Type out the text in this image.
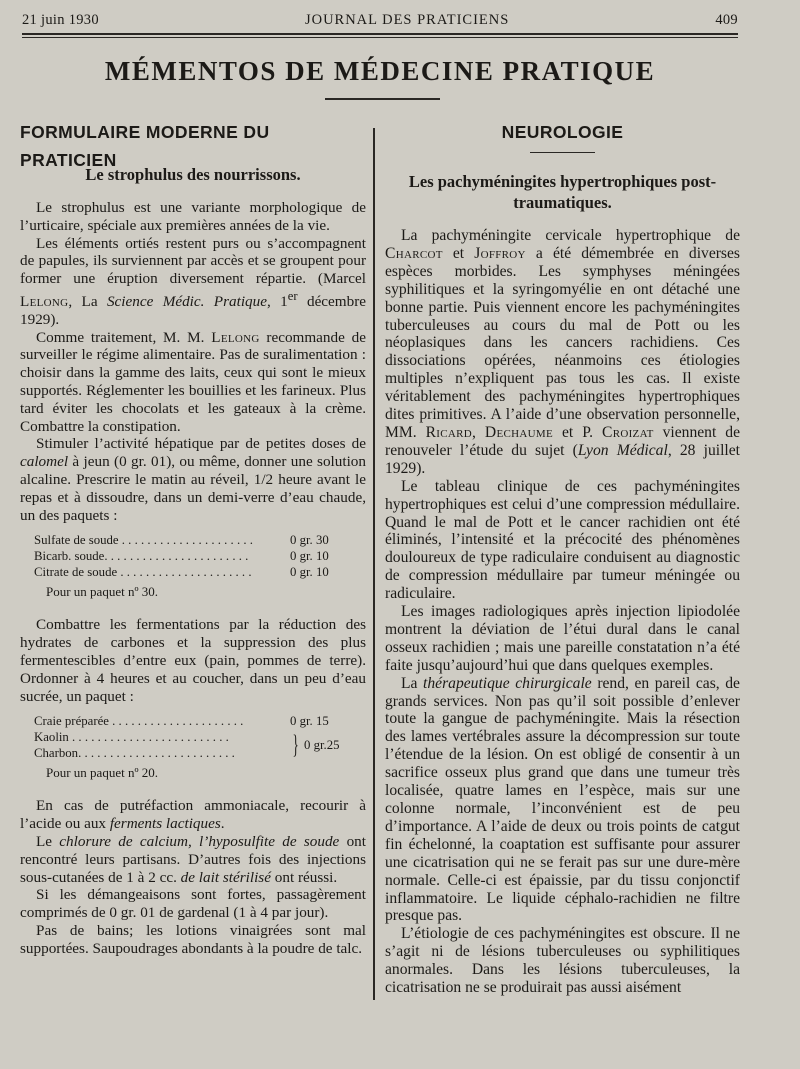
21 juin 1930	JOURNAL DES PRATICIENS	409
MÉMENTOS DE MÉDECINE PRATIQUE
FORMULAIRE MODERNE DU PRATICIEN
Le strophulus des nourrissons.

Le strophulus est une variante morphologique de l’urticaire, spéciale aux premières années de la vie.

Les éléments ortiés restent purs ou s’accompagnent de papules, ils surviennent par accès et se groupent pour former une éruption diversement répartie. (Marcel Lelong, La Science Médic. Pratique, 1er décembre 1929).

Comme traitement, M. M. Lelong recommande de surveiller le régime alimentaire. Pas de suralimentation : choisir dans la gamme des laits, ceux qui sont le mieux supportés. Réglementer les bouillies et les farineux. Plus tard éviter les chocolats et les gateaux à la crème. Combattre la constipation.

Stimuler l’activité hépatique par de petites doses de calomel à jeun (0 gr. 01), ou même, donner une solution alcaline. Prescrire le matin au réveil, 1/2 heure avant le repas et à dissoudre, dans un demi-verre d’eau chaude, un des paquets :

Sulfate de soude . . . . . . . . . . . . . . . . . . . . .	0 gr. 30
Bicarb. soude. . . . . . . . . . . . . . . . . . . . . . .	0 gr. 10
Citrate de soude . . . . . . . . . . . . . . . . . . . . .	0 gr. 10
Pour un paquet nº 30.

Combattre les fermentations par la réduction des hydrates de carbones et la suppression des plus fermentescibles d’entre eux (pain, pommes de terre). Ordonner à 4 heures et au coucher, dans un peu d’eau sucrée, un paquet :

Craie préparée . . . . . . . . . . . . . . . . . . . . .	0 gr. 15
Kaolin . . . . . . . . . . . . . . . . . . . . . . . . .
Charbon. . . . . . . . . . . . . . . . . . . . . . . . .	} 0 gr.25
Pour un paquet nº 20.

En cas de putréfaction ammoniacale, recourir à l’acide ou aux ferments lactiques.

Le chlorure de calcium, l’hyposulfite de soude ont rencontré leurs partisans. D’autres fois des injections sous-cutanées de 1 à 2 cc. de lait stérilisé ont réussi.

Si les démangeaisons sont fortes, passagèrement comprimés de 0 gr. 01 de gardenal (1 à 4 par jour).

Pas de bains; les lotions vinaigrées sont mal supportées. Saupoudrages abondants à la poudre de talc.

NEUROLOGIE
Les pachyméningites hypertrophiques post-traumatiques.

La pachyméningite cervicale hypertrophique de Charcot et Joffroy a été démembrée en diverses espèces morbides. Les symphyses méningées syphilitiques et la syringomyélie en ont détaché une bonne partie. Puis viennent encore les pachyméningites tuberculeuses au cours du mal de Pott ou les néoplasiques dans les cancers rachidiens. Ces dissociations opérées, néanmoins ces étiologies multiples n’expliquent pas tous les cas. Il existe véritablement des pachyméningites hypertrophiques dites primitives. A l’aide d’une observation personnelle, MM. Ricard, Dechaume et P. Croizat viennent de renouveler l’étude du sujet (Lyon Médical, 28 juillet 1929).

Le tableau clinique de ces pachyméningites hypertrophiques est celui d’une compression médullaire. Quand le mal de Pott et le cancer rachidien ont été éliminés, l’intensité et la précocité des phénomènes douloureux de type radiculaire conduisent au diagnostic de compression médullaire par tumeur méningée ou radiculaire.

Les images radiologiques après injection lipiodolée montrent la déviation de l’étui dural dans le canal osseux rachidien ; mais une pareille constatation n’a été faite jusqu’aujourd’hui que dans quelques exemples.

La thérapeutique chirurgicale rend, en pareil cas, de grands services. Non pas qu’il soit possible d’enlever toute la gangue de pachyméningite. Mais la résection des lames vertébrales assure la décompression sur toute l’étendue de la lésion. On est obligé de consentir à un sacrifice osseux plus grand que dans une tumeur très localisée, quatre lames en l’espèce, mais sur une colonne normale, l’inconvénient est de peu d’importance. A l’aide de deux ou trois points de catgut fin échelonné, la coaptation est suffisante pour assurer une cicatrisation qui ne se ferait pas sur une dure-mère normale. Celle-ci est épaissie, par du tissu conjonctif inflammatoire. Le liquide céphalo-rachidien ne filtre presque pas.

L’étiologie de ces pachyméningites est obscure. Il ne s’agit ni de lésions tuberculeuses ou syphilitiques anormales. Dans les lésions tuberculeuses, la cicatrisation ne se produirait pas aussi aisément
